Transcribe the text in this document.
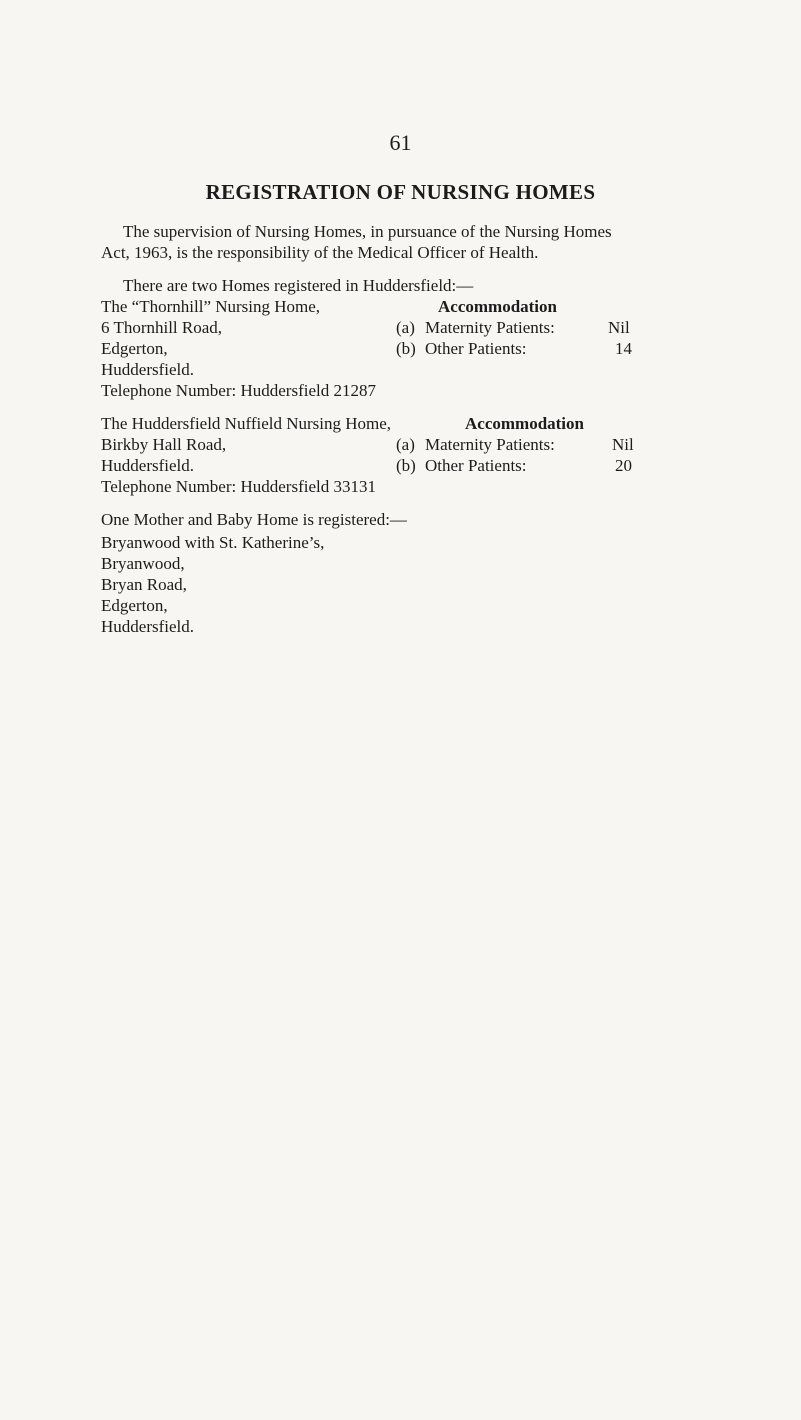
61
REGISTRATION OF NURSING HOMES
The supervision of Nursing Homes, in pursuance of the Nursing Homes
Act, 1963, is the responsibility of the Medical Officer of Health.
There are two Homes registered in Huddersfield:—
The “Thornhill” Nursing Home,	Accommodation
6 Thornhill Road,	(a) Maternity Patients:	Nil
Edgerton,	(b) Other Patients:	14
Huddersfield.
Telephone Number: Huddersfield 21287
The Huddersfield Nuffield Nursing Home,	Accommodation
Birkby Hall Road,	(a) Maternity Patients:	Nil
Huddersfield.	(b) Other Patients:	20
Telephone Number: Huddersfield 33131
One Mother and Baby Home is registered:—
Bryanwood with St. Katherine’s,
Bryanwood,
Bryan Road,
Edgerton,
Huddersfield.
